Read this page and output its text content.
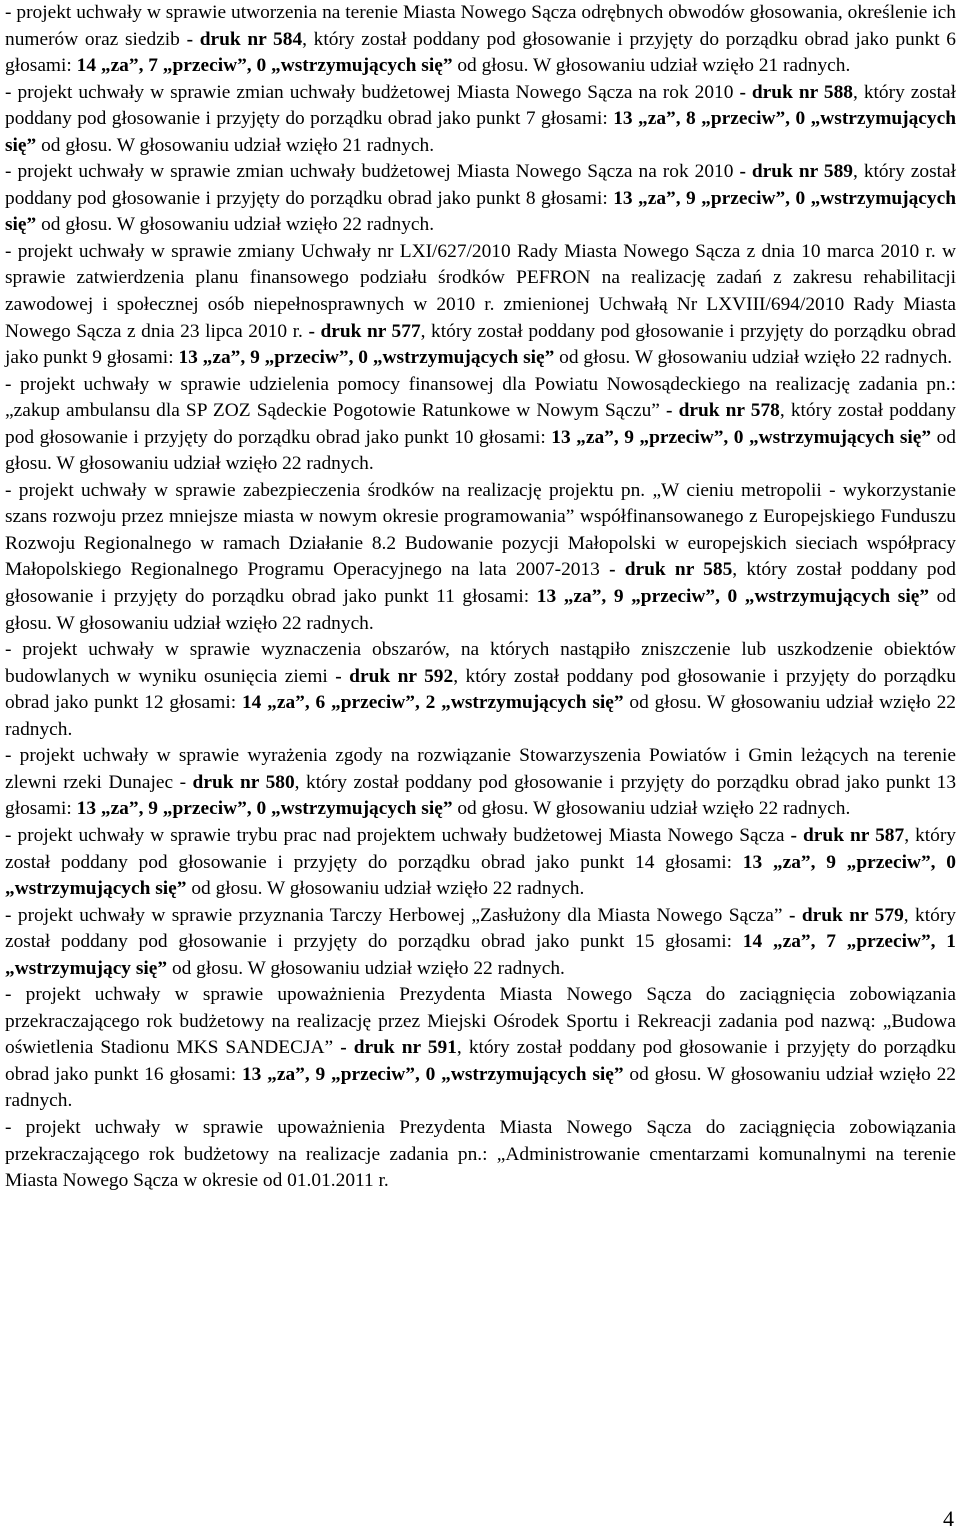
- projekt uchwały w sprawie utworzenia na terenie Miasta Nowego Sącza odrębnych obwodów głosowania, określenie ich numerów oraz siedzib - druk nr 584, który został poddany pod głosowanie i przyjęty do porządku obrad jako punkt 6 głosami: 14 „za”, 7 „przeciw”, 0 „wstrzymujących się” od głosu. W głosowaniu udział wzięło 21 radnych.

- projekt uchwały w sprawie zmian uchwały budżetowej Miasta Nowego Sącza na rok 2010 - druk nr 588, który został poddany pod głosowanie i przyjęty do porządku obrad jako punkt 7 głosami: 13 „za”, 8 „przeciw”, 0 „wstrzymujących się” od głosu. W głosowaniu udział wzięło 21 radnych.

- projekt uchwały w sprawie zmian uchwały budżetowej Miasta Nowego Sącza na rok 2010 - druk nr 589, który został poddany pod głosowanie i przyjęty do porządku obrad jako punkt 8 głosami: 13 „za”, 9 „przeciw”, 0 „wstrzymujących się” od głosu. W głosowaniu udział wzięło 22 radnych.

- projekt uchwały w sprawie zmiany Uchwały nr LXI/627/2010 Rady Miasta Nowego Sącza z dnia 10 marca 2010 r. w sprawie zatwierdzenia planu finansowego podziału środków PEFRON na realizację zadań z zakresu rehabilitacji zawodowej i społecznej osób niepełnosprawnych w 2010 r. zmienionej Uchwałą Nr LXVIII/694/2010 Rady Miasta Nowego Sącza z dnia 23 lipca 2010 r. - druk nr 577, który został poddany pod głosowanie i przyjęty do porządku obrad jako punkt 9 głosami: 13 „za”, 9 „przeciw”, 0 „wstrzymujących się” od głosu. W głosowaniu udział wzięło 22 radnych.

- projekt uchwały w sprawie udzielenia pomocy finansowej dla Powiatu Nowosądeckiego na realizację zadania pn.: „zakup ambulansu dla SP ZOZ Sądeckie Pogotowie Ratunkowe w Nowym Sączu” - druk nr 578, który został poddany pod głosowanie i przyjęty do porządku obrad jako punkt 10 głosami: 13 „za”, 9 „przeciw”, 0 „wstrzymujących się” od głosu. W głosowaniu udział wzięło 22 radnych.

- projekt uchwały w sprawie zabezpieczenia środków na realizację projektu pn. „W cieniu metropolii - wykorzystanie szans rozwoju przez mniejsze miasta w nowym okresie programowania” współfinansowanego z Europejskiego Funduszu Rozwoju Regionalnego w ramach Działanie 8.2 Budowanie pozycji Małopolski w europejskich sieciach współpracy Małopolskiego Regionalnego Programu Operacyjnego na lata 2007-2013 - druk nr 585, który został poddany pod głosowanie i przyjęty do porządku obrad jako punkt 11 głosami: 13 „za”, 9 „przeciw”, 0 „wstrzymujących się” od głosu. W głosowaniu udział wzięło 22 radnych.

- projekt uchwały w sprawie wyznaczenia obszarów, na których nastąpiło zniszczenie lub uszkodzenie obiektów budowlanych w wyniku osunięcia ziemi - druk nr 592, który został poddany pod głosowanie i przyjęty do porządku obrad jako punkt 12 głosami: 14 „za”, 6 „przeciw”, 2 „wstrzymujących się” od głosu. W głosowaniu udział wzięło 22 radnych.

- projekt uchwały w sprawie wyrażenia zgody na rozwiązanie Stowarzyszenia Powiatów i Gmin leżących na terenie zlewni rzeki Dunajec - druk nr 580, który został poddany pod głosowanie i przyjęty do porządku obrad jako punkt 13 głosami: 13 „za”, 9 „przeciw”, 0 „wstrzymujących się” od głosu. W głosowaniu udział wzięło 22 radnych.

- projekt uchwały w sprawie trybu prac nad projektem uchwały budżetowej Miasta Nowego Sącza - druk nr 587, który został poddany pod głosowanie i przyjęty do porządku obrad jako punkt 14 głosami: 13 „za”, 9 „przeciw”, 0 „wstrzymujących się” od głosu. W głosowaniu udział wzięło 22 radnych.

- projekt uchwały w sprawie przyznania Tarczy Herbowej „Zasłużony dla Miasta Nowego Sącza” - druk nr 579, który został poddany pod głosowanie i przyjęty do porządku obrad jako punkt 15 głosami: 14 „za”, 7 „przeciw”, 1 „wstrzymujący się” od głosu. W głosowaniu udział wzięło 22 radnych.

- projekt uchwały w sprawie upoważnienia Prezydenta Miasta Nowego Sącza do zaciągnięcia zobowiązania przekraczającego rok budżetowy na realizację przez Miejski Ośrodek Sportu i Rekreacji zadania pod nazwą: „Budowa oświetlenia Stadionu MKS SANDECJA” - druk nr 591, który został poddany pod głosowanie i przyjęty do porządku obrad jako punkt 16 głosami: 13 „za”, 9 „przeciw”, 0 „wstrzymujących się” od głosu. W głosowaniu udział wzięło 22 radnych.

- projekt uchwały w sprawie upoważnienia Prezydenta Miasta Nowego Sącza do zaciągnięcia zobowiązania przekraczającego rok budżetowy na realizacje zadania pn.: „Administrowanie cmentarzami komunalnymi na terenie Miasta Nowego Sącza w okresie od 01.01.2011 r.

4
